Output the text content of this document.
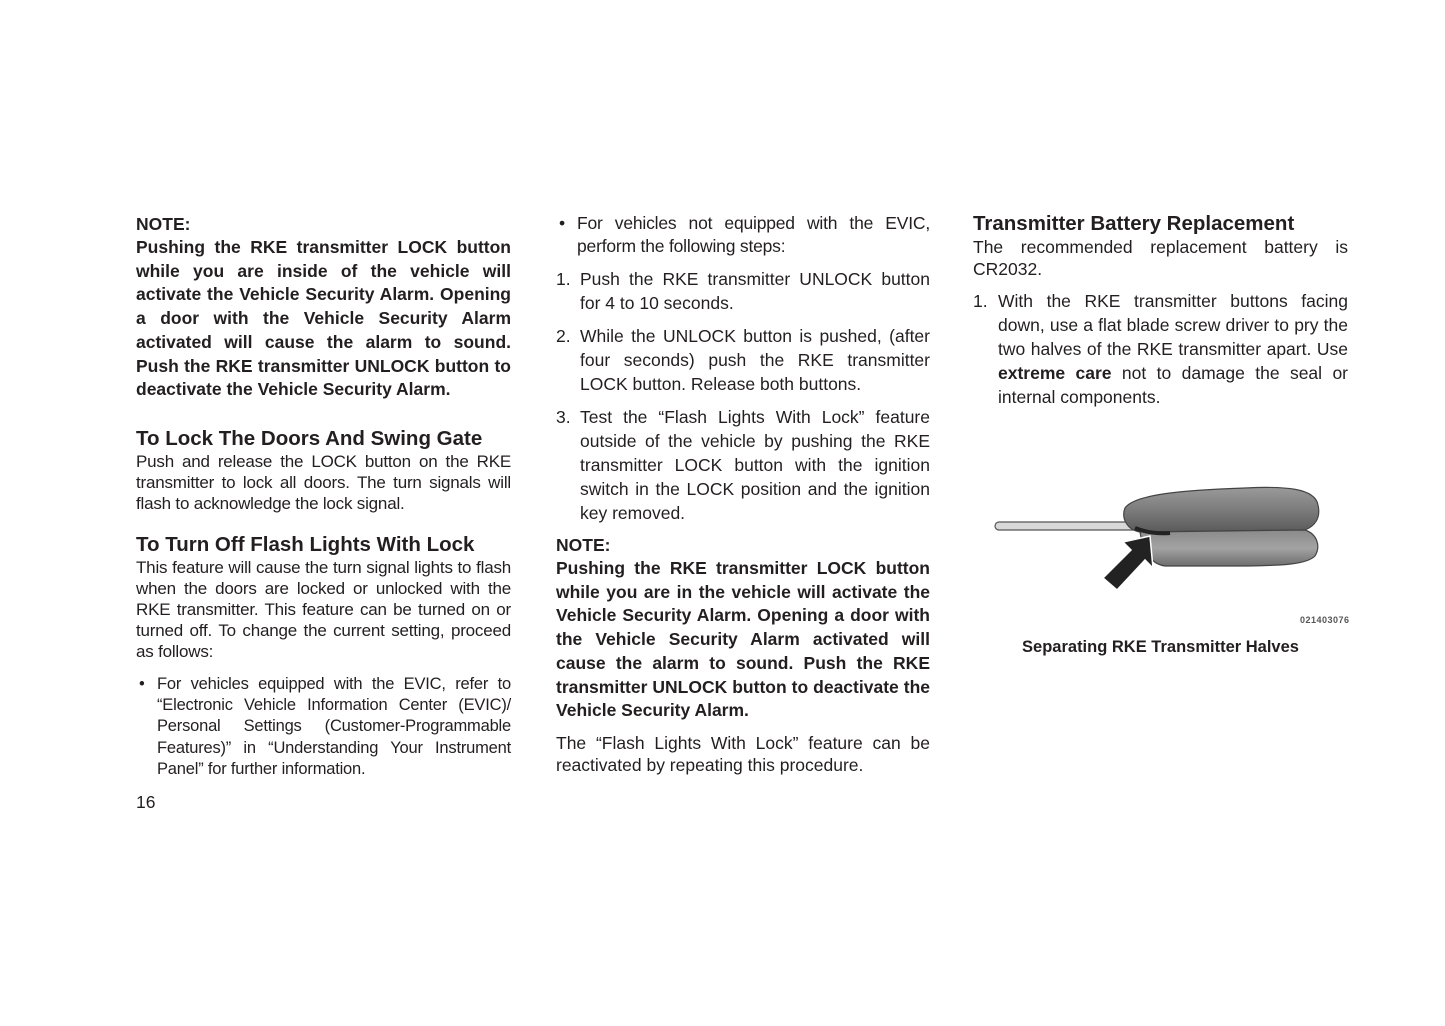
NOTE:

Pushing the RKE transmitter LOCK button while you are inside of the vehicle will activate the Vehicle Security Alarm. Opening a door with the Vehicle Security Alarm activated will cause the alarm to sound. Push the RKE transmitter UNLOCK button to deactivate the Vehicle Security Alarm.

To Lock The Doors And Swing Gate

Push and release the LOCK button on the RKE transmitter to lock all doors. The turn signals will flash to acknowledge the lock signal.

To Turn Off Flash Lights With Lock

This feature will cause the turn signal lights to flash when the doors are locked or unlocked with the RKE transmitter. This feature can be turned on or turned off. To change the current setting, proceed as follows:

• For vehicles equipped with the EVIC, refer to “Electronic Vehicle Information Center (EVIC)/ Personal Settings (Customer-Programmable Features)” in “Understanding Your Instrument Panel” for further information.
• For vehicles not equipped with the EVIC, perform the following steps:
1. Push the RKE transmitter UNLOCK button for 4 to 10 seconds.
2. While the UNLOCK button is pushed, (after four seconds) push the RKE transmitter LOCK button. Release both buttons.
3. Test the “Flash Lights With Lock” feature outside of the vehicle by pushing the RKE transmitter LOCK button with the ignition switch in the LOCK position and the ignition key removed.

NOTE:

Pushing the RKE transmitter LOCK button while you are in the vehicle will activate the Vehicle Security Alarm. Opening a door with the Vehicle Security Alarm activated will cause the alarm to sound. Push the RKE transmitter UNLOCK button to deactivate the Vehicle Security Alarm.

The “Flash Lights With Lock” feature can be reactivated by repeating this procedure.

Transmitter Battery Replacement

The recommended replacement battery is CR2032.

1. With the RKE transmitter buttons facing down, use a flat blade screw driver to pry the two halves of the RKE transmitter apart. Use extreme care not to damage the seal or internal components.
021403076
Separating RKE Transmitter Halves
16
